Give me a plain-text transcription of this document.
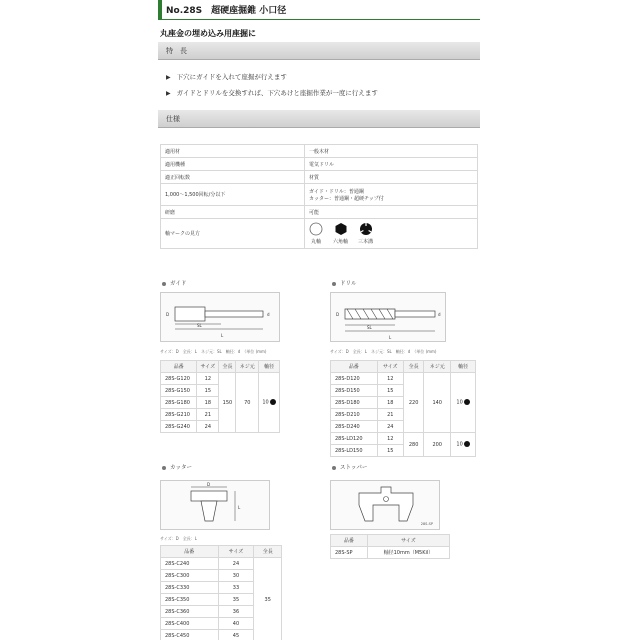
No.28S　超硬座掘錐 小口径
丸座金の埋め込み用座掘に
特　長
▶ 下穴にガイドを入れて座掘が行えます
▶ ガイドとドリルを交換すれば、下穴あけと座掘作業が一度に行えます
仕様
適用材	一般木材
適用機種	電気ドリル
適正回転数	材質
1,000～1,500回転/分以下	ガイド・ドリル：普通鋼
カッター：普通鋼・超硬チップ付

研磨	可能
軸マークの見方	丸軸 六角軸 三本溝
ガイド
L
SL
D	d
サイズ：D　全長：L　ネジ元：SL　軸径：d　（単位 (mm)
品番	サイズ	全長	ネジ元	軸径
28S-G120	12	150	70	10
28S-G150	15			
28S-G180	18			
28S-G210	21			
28S-G240	24			
ドリル
L
SL
D	d
サイズ：D　全長：L　ネジ元：SL　軸径：d　（単位 (mm)
品番	サイズ	全長	ネジ元	軸径
28S-D120	12	220	140	10
28S-D150	15			
28S-D180	18			
28S-D210	21			
28S-D240	24			
28S-LD120	12	280	200	10
28S-LD150	15			
カッター
D
L
サイズ：D　全長：L
品番	サイズ	全長
28S-C240	24	35
28S-C300	30	
28S-C330	33	
28S-C350	35	
28S-C360	36	
28S-C400	40	
28S-C450	45	
ストッパー
28S-SP
品番	サイズ
28S-SP	軸径10mm（M5Kil）
